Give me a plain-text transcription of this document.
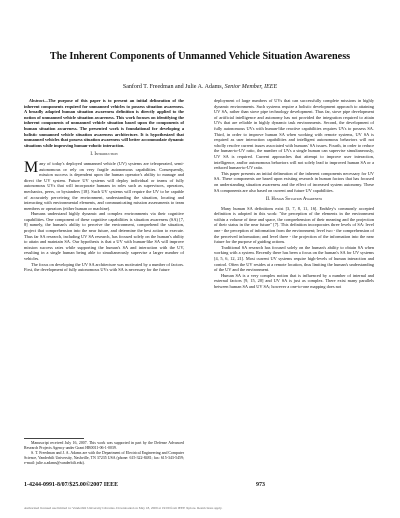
The Inherent Components of Unmanned Vehicle Situation Awareness
Sanford T. Freedman and Julie A. Adams, Senior Member, IEEE
Abstract—The purpose of this paper is to present an initial delineation of the inherent components required for unmanned vehicles to possess situation awareness. A broadly adapted human situation awareness definition is directly applied to the notion of unmanned vehicle situation awareness. This work focuses on identifying the inherent components of unmanned vehicle situation based upon the components of human situation awareness. The presented work is foundational for developing a holistic unmanned vehicle situation awareness architecture. It is hypothesized that unmanned vehicles that possess situation awareness will better accommodate dynamic situations while improving human-robotic interaction.
I. Introduction

Many of today's deployed unmanned vehicle (UV) systems are teleoperated, semi-autonomous or rely on very fragile autonomous capabilities. Consequently, mission success is dependent upon the human operator's ability to manage and direct the UV system. Future UV systems will deploy individual or teams of fully autonomous UVs that will incorporate humans in roles such as supervisors, operators, mechanics, peers, or bystanders [18]. Such UV systems will require the UV to be capable of accurately perceiving the environment, understanding the situation, locating and interacting with environmental elements, and communicating mission assessments to team members or operators (either human or machine).

Humans understand highly dynamic and complex environments via their cognitive capabilities. One component of these cognitive capabilities is situation awareness (SA) [7, 8] namely, the human's ability to perceive the environment, comprehend the situation, project that comprehension into the near future, and determine the best action to execute. Thus far SA research, including UV SA research, has focused solely on the human's ability to attain and maintain SA. Our hypothesis is that a UV with human-like SA will improve mission success rates while supporting the human's SA and interaction with the UV, resulting in a single human being able to simultaneously supervise a larger number of vehicles.

The focus on developing the UV SA architecture was motivated by a number of factors. First, the development of fully autonomous UVs with SA is necessary for the future

Manuscript received July 16, 2007. This work was supported in part by the Defense Advanced Research Projects Agency under Grant HR0011-06-1-0039.

S. T. Freedman and J. A. Adams are with the Department of Electrical Engineering and Computer Science, Vanderbilt University, Nashville, TN 37235 USA (phone: 615-322-8481; fax: 615-343-5459; e-mail: julie.a.adams@vanderbilt.edu).

deployment of large numbers of UVs that can successfully complete missions in highly dynamic environments. Such systems require a holistic development approach to attaining UV SA, rather than stove pipe technology development. Thus far, stove pipe development of artificial intelligence and autonomy has not provided the integration required to attain UVs that are reliable in highly dynamic task environments. Second, the development of fully autonomous UVs with human-like reactive capabilities requires UVs to possess SA. Third, in order to improve human SA when working with remote systems, UV SA is required as user interaction capabilities and intelligent autonomous behaviors will not wholly resolve current issues associated with humans' SA issues. Fourth, in order to reduce the human-to-UV ratio, the number of UVs a single human can supervise simultaneously, UV SA is required. Current approaches that attempt to improve user interaction, intelligence, and/or autonomous behaviors will not solely lead to improved human SA or a reduced human-to-UV ratio.

This paper presents an initial delineation of the inherent components necessary for UV SA. These components are based upon existing research in human factors that has focused on understanding situation awareness and the effect of increased system autonomy. These SA components are also based on current and future UV capabilities.

II. Human Situation Awareness

Many human SA definitions exist [3, 7, 8, 11, 16]. Endsley's commonly accepted definition is adopted in this work: "the perception of the elements in the environment within a volume of time and space, the comprehension of their meaning and the projection of their status in the near future" [7]. This definition incorporates three levels of SA: level one - the perception of information from the environment; level two - the comprehension of the perceived information; and level three - the projection of the information into the near future for the purpose of guiding actions.

Traditional SA research has focused solely on the human's ability to obtain SA when working with a system. Recently there has been a focus on the human's SA for UV systems [4, 5, 6, 12, 21]. Most current UV systems require high-levels of human interaction and control. Often the UV resides at a remote location, thus limiting the human's understanding of the UV and the environment.

Human SA is a very complex notion that is influenced by a number of internal and external factors [9, 15, 20] and UV SA is just as complex. There exist many parallels between human SA and UV SA; however a one-to-one mapping does not

1-4244-0991-8/07/$25.00©2007 IEEE	973
Authorized licensed use limited to: Vanderbilt University Libraries. Downloaded on May 18, 2009 at 19:09 from IEEE Xplore. Restrictions apply.
